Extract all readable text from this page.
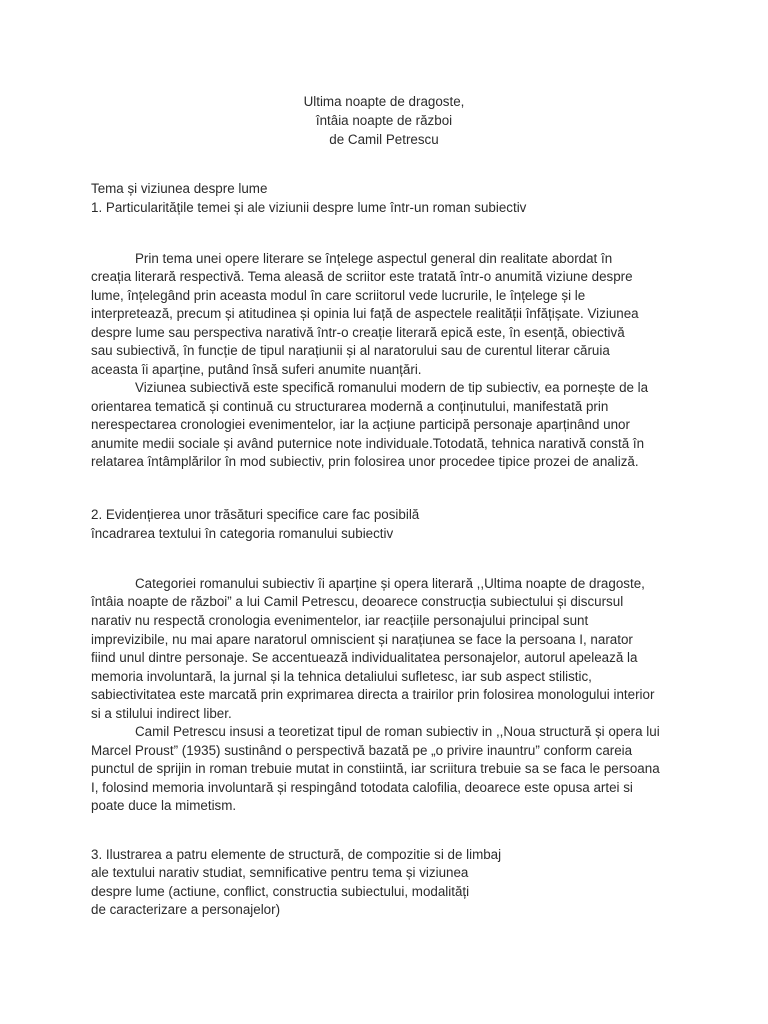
Ultima noapte de dragoste,
întâia noapte de război
de Camil Petrescu
Tema și viziunea despre lume
1. Particularitățile temei și ale viziunii despre lume într-un roman subiectiv
Prin tema unei opere literare se înțelege aspectul general din realitate abordat în
creația literară respectivă. Tema aleasă de scriitor este tratată într-o anumită viziune despre
lume, înțelegând prin aceasta modul în care scriitorul vede lucrurile, le înțelege și le
interpretează, precum și atitudinea și opinia lui față de aspectele realității înfățișate. Viziunea
despre lume sau perspectiva narativă într-o creație literară epică este, în esență, obiectivă
sau subiectivă, în funcție de tipul narațiunii și al naratorului sau de curentul literar căruia
aceasta îi aparține, putând însă suferi anumite nuanțări.
Viziunea subiectivă este specifică romanului modern de tip subiectiv, ea pornește de la
orientarea tematică și continuă cu structurarea modernă a conținutului, manifestată prin
nerespectarea cronologiei evenimentelor, iar la acțiune participă personaje aparținând unor
anumite medii sociale și având puternice note individuale.Totodată, tehnica narativă constă în
relatarea întâmplărilor în mod subiectiv, prin folosirea unor procedee tipice prozei de analiză.
2. Evidențierea unor trăsături specifice care fac posibilă
încadrarea textului în categoria romanului subiectiv
Categoriei romanului subiectiv îi aparține și opera literară ,,Ultima noapte de dragoste,
întâia noapte de război” a lui Camil Petrescu, deoarece construcția subiectului și discursul
narativ nu respectă cronologia evenimentelor, iar reacțiile personajului principal sunt
imprevizibile, nu mai apare naratorul omniscient și narațiunea se face la persoana I, narator
fiind unul dintre personaje. Se accentuează individualitatea personajelor, autorul apelează la
memoria involuntară, la jurnal și la tehnica detaliului sufletesc, iar sub aspect stilistic,
sabiectivitatea este marcată prin exprimarea directa a trairilor prin folosirea monologului interior
si a stilului indirect liber.
Camil Petrescu insusi a teoretizat tipul de roman subiectiv in ,,Noua structură și opera lui
Marcel Proust” (1935) sustinând o perspectivă bazată pe „o privire inauntru” conform careia
punctul de sprijin in roman trebuie mutat in constiintă, iar scriitura trebuie sa se faca le persoana
I, folosind memoria involuntară și respingând totodata calofilia, deoarece este opusa artei si
poate duce la mimetism.
3. Ilustrarea a patru elemente de structură, de compozitie si de limbaj
ale textului narativ studiat, semnificative pentru tema și viziunea
despre lume (actiune, conflict, constructia subiectului, modalități
de caracterizare a personajelor)
